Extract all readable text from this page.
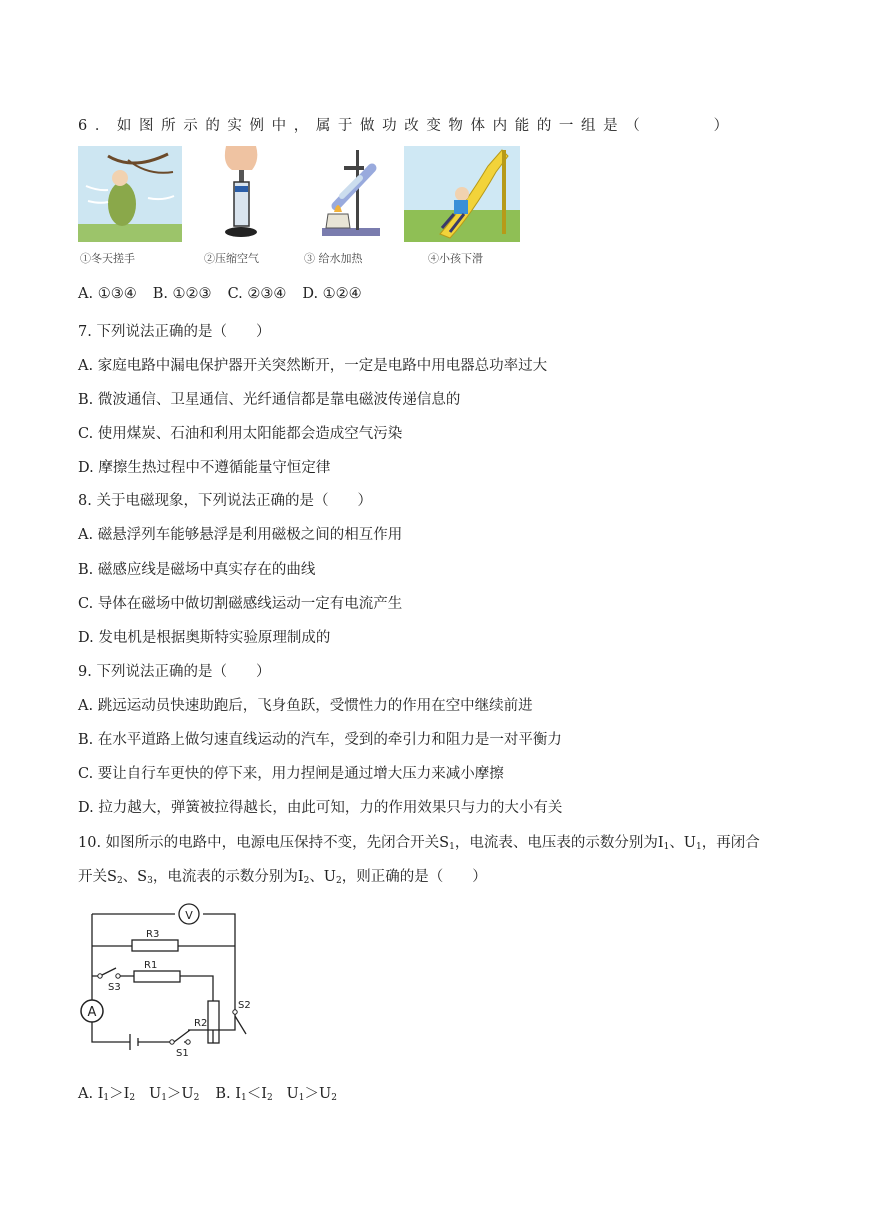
6．如图所示的实例中，属于做功改变物体内能的一组是（　　　）
①冬天搓手	②压缩空气	③ 给水加热	④小孩下滑
A. ①③④ B. ①②③ C. ②③④ D. ①②④
7. 下列说法正确的是（　　）
A. 家庭电路中漏电保护器开关突然断开，一定是电路中用电器总功率过大
B. 微波通信、卫星通信、光纤通信都是靠电磁波传递信息的
C. 使用煤炭、石油和利用太阳能都会造成空气污染
D. 摩擦生热过程中不遵循能量守恒定律
8. 关于电磁现象，下列说法正确的是（　　）
A. 磁悬浮列车能够悬浮是利用磁极之间的相互作用
B. 磁感应线是磁场中真实存在的曲线
C. 导体在磁场中做切割磁感线运动一定有电流产生
D. 发电机是根据奥斯特实验原理制成的
9. 下列说法正确的是（　　）
A. 跳远运动员快速助跑后，飞身鱼跃，受惯性力的作用在空中继续前进
B. 在水平道路上做匀速直线运动的汽车，受到的牵引力和阻力是一对平衡力
C. 要让自行车更快的停下来，用力捏闸是通过增大压力来减小摩擦
D. 拉力越大，弹簧被拉得越长，由此可知，力的作用效果只与力的大小有关
10. 如图所示的电路中，电源电压保持不变，先闭合开关$S_1$，电流表、电压表的示数分别为$I_1$、$U_1$，再闭合
开关$S_2$、$S_3$，电流表的示数分别为$I_2$、$U_2$，则正确的是（　　）
V
A
R3
R1
R2
S3
S2
S1
A. $I_1>I_2$ $U_1>U_2$ B. $I_1<I_2$ $U_1>U_2$
